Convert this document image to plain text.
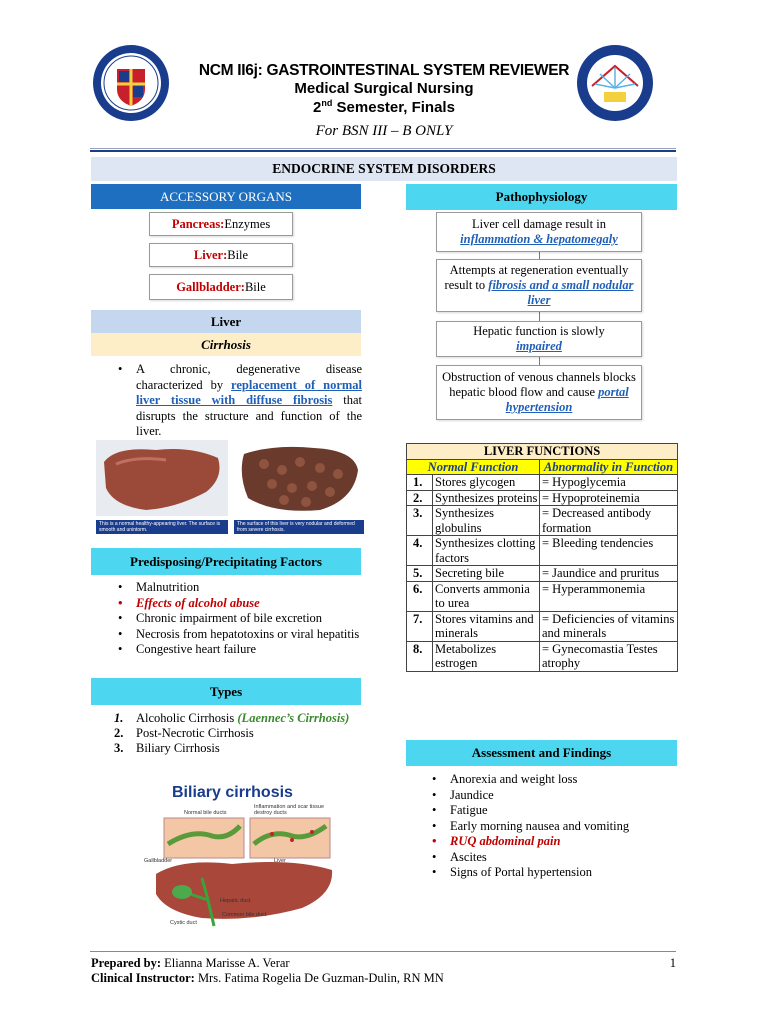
NCM II6j: GASTROINTESTINAL SYSTEM REVIEWER
Medical Surgical Nursing
2nd Semester, Finals
For BSN III – B ONLY
ENDOCRINE SYSTEM DISORDERS
ACCESSORY ORGANS
Pancreas: Enzymes
Liver: Bile
Gallbladder: Bile
Liver
Cirrhosis
• A chronic, degenerative disease characterized by replacement of normal liver tissue with diffuse fibrosis that disrupts the structure and function of the liver.
This is a normal healthy-appearing liver. The surface is smooth and unintorm.
The surface of this liver is very nodular and deformed from severe cirrhosis.
Predisposing/Precipitating Factors
• Malnutrition
• Effects of alcohol abuse
• Chronic impairment of bile excretion
• Necrosis from hepatotoxins or viral hepatitis
• Congestive heart failure
Types
1. Alcoholic Cirrhosis (Laennec’s Cirrhosis)
2. Post-Necrotic Cirrhosis
3. Biliary Cirrhosis
Biliary cirrhosis
Normal bile ducts
Inflammation and scar tissue destroy ducts
Gallbladder	Liver
Hepatic duct
Common bile duct
Cystic duct
Pathophysiology
Liver cell damage result in
inflammation & hepatomegaly
Attempts at regeneration eventually result to fibrosis and a small nodular liver
Hepatic function is slowly
impaired
Obstruction of venous channels blocks hepatic blood flow and cause portal hypertension
LIVER FUNCTIONS		
Normal Function		Abnormality in Function
1.	Stores glycogen	= Hypoglycemia
2.	Synthesizes proteins	= Hypoproteinemia
3.	Synthesizes globulins	= Decreased antibody formation
4.	Synthesizes clotting factors	= Bleeding tendencies
5.	Secreting bile	= Jaundice and pruritus
6.	Converts ammonia to urea	= Hyperammonemia
7.	Stores vitamins and minerals	= Deficiencies of vitamins and minerals
8.	Metabolizes estrogen	= Gynecomastia Testes atrophy
Assessment and Findings
• Anorexia and weight loss
• Jaundice
• Fatigue
• Early morning nausea and vomiting
• RUQ abdominal pain
• Ascites
• Signs of Portal hypertension
Prepared by: Elianna Marisse A. Verar
Clinical Instructor: Mrs. Fatima Rogelia De Guzman-Dulin, RN MN
1
